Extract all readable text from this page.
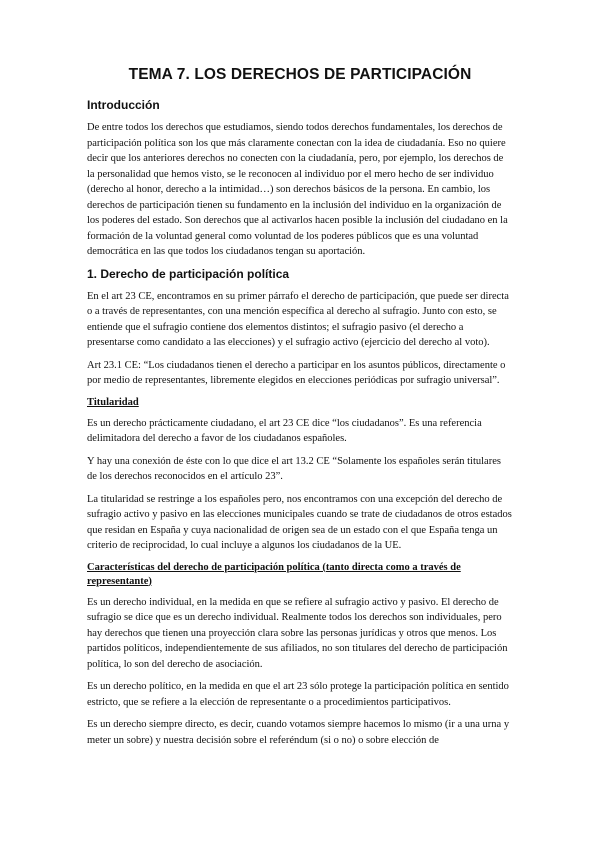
TEMA 7. LOS DERECHOS DE PARTICIPACIÓN
Introducción

De entre todos los derechos que estudiamos, siendo todos derechos fundamentales, los derechos de participación política son los que más claramente conectan con la idea de ciudadanía. Eso no quiere decir que los anteriores derechos no conecten con la ciudadanía, pero, por ejemplo, los derechos de la personalidad que hemos visto, se le reconocen al individuo por el mero hecho de ser individuo (derecho al honor, derecho a la intimidad…) son derechos básicos de la persona. En cambio, los derechos de participación tienen su fundamento en la inclusión del individuo en la organización de los poderes del estado. Son derechos que al activarlos hacen posible la inclusión del ciudadano en la formación de la voluntad general como voluntad de los poderes públicos que es una voluntad democrática en las que todos los ciudadanos tengan su aportación.

1. Derecho de participación política

En el art 23 CE, encontramos en su primer párrafo el derecho de participación, que puede ser directa o a través de representantes, con una mención específica al derecho al sufragio. Junto con esto, se entiende que el sufragio contiene dos elementos distintos; el sufragio pasivo (el derecho a presentarse como candidato a las elecciones) y el sufragio activo (ejercicio del derecho al voto).

Art 23.1 CE: “Los ciudadanos tienen el derecho a participar en los asuntos públicos, directamente o por medio de representantes, libremente elegidos en elecciones periódicas por sufragio universal”.

Titularidad

Es un derecho prácticamente ciudadano, el art 23 CE dice “los ciudadanos”. Es una referencia delimitadora del derecho a favor de los ciudadanos españoles.

Y hay una conexión de éste con lo que dice el art 13.2 CE “Solamente los españoles serán titulares de los derechos reconocidos en el artículo 23”.

La titularidad se restringe a los españoles pero, nos encontramos con una excepción del derecho de sufragio activo y pasivo en las elecciones municipales cuando se trate de ciudadanos de otros estados que residan en España y cuya nacionalidad de origen sea de un estado con el que España tenga un criterio de reciprocidad, lo cual incluye a algunos los ciudadanos de la UE.

Características del derecho de participación política (tanto directa como a través de representante)

Es un derecho individual, en la medida en que se refiere al sufragio activo y pasivo. El derecho de sufragio se dice que es un derecho individual. Realmente todos los derechos son individuales, pero hay derechos que tienen una proyección clara sobre las personas jurídicas y otros que menos. Los partidos políticos, independientemente de sus afiliados, no son titulares del derecho de participación política, lo son del derecho de asociación.

Es un derecho político, en la medida en que el art 23 sólo protege la participación política en sentido estricto, que se refiere a la elección de representante o a procedimientos participativos.

Es un derecho siempre directo, es decir, cuando votamos siempre hacemos lo mismo (ir a una urna y meter un sobre) y nuestra decisión sobre el referéndum (si o no) o sobre elección de
